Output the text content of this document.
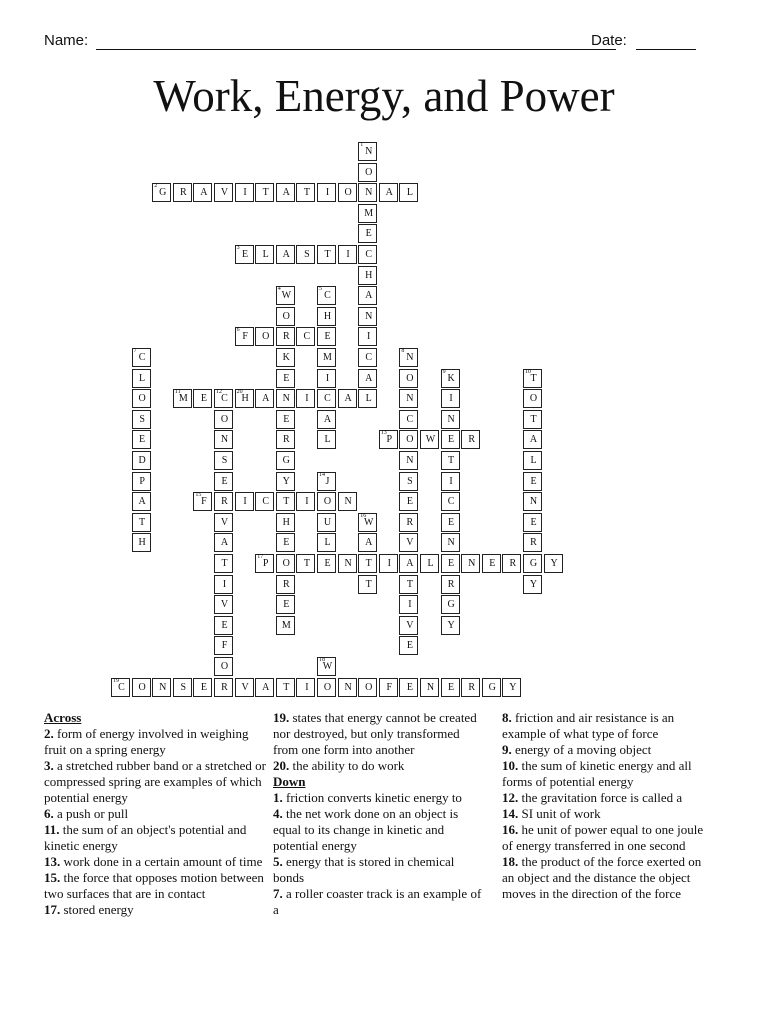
Name:	Date:
Work, Energy, and Power
2
G	R	A	V	I	T	A	T	I	O	N	A	L
3
E	L	A	S	T	I	C
6
F	O	R	C	E
11
M	E
12
C
20
H	A	N	I	C	A	L
13
P	O	W	E	R
15
F	R	I	C	T	I	O	N
17
P	O	T	E	N	T	I	A	L	E	N	E	R	G	Y
19
C	O	N	S	E	R	V	A	T	I	O	N	O	F	E	N	E	R	G	Y
1
N
O
M
E
H
A
N
I
C
A
4
W
O
K
E
E
R
G
Y
H
E
R
E
M
5
C
H
M
I
A
L
7
C
L
O
S
E
D
P
A
T
H
8
N
O
N
C
N
S
E
R
V
T
I
V
E
9
K
I
N
T
I
C
E
N
R
G
Y
10
T
O
T
A
L
E
N
E
R
Y
O
N
S
E
V
A
T
I
V
E
F
O
14
J
U
L
16
W
A
T
18
W
Across

2. form of energy involved in weighing fruit on a spring energy

3. a stretched rubber band or a stretched or compressed spring are examples of which potential energy

6. a push or pull

11. the sum of an object's potential and kinetic energy

13. work done in a certain amount of time

15. the force that opposes motion between two surfaces that are in contact

17. stored energy

19. states that energy cannot be created nor destroyed, but only transformed from one form into another

20. the ability to do work

Down

1. friction converts kinetic energy to

4. the net work done on an object is equal to its change in kinetic and potential energy

5. energy that is stored in chemical bonds

7. a roller coaster track is an example of a

8. friction and air resistance is an example of what type of force

9. energy of a moving object

10. the sum of kinetic energy and all forms of potential energy

12. the gravitation force is called a

14. SI unit of work

16. he unit of power equal to one joule of energy transferred in one second

18. the product of the force exerted on an object and the distance the object moves in the direction of the force
